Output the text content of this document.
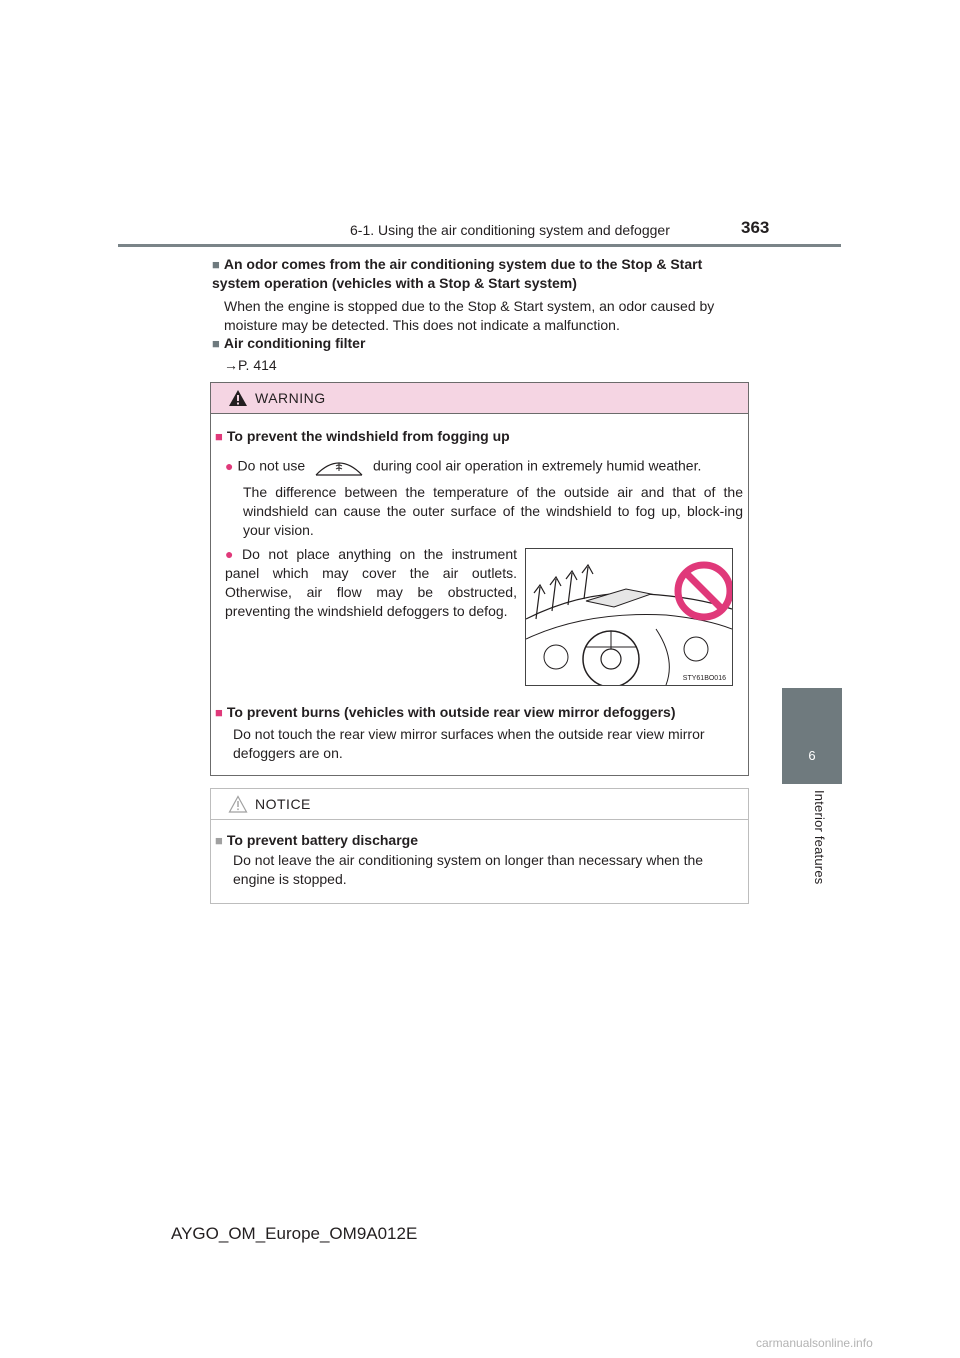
6-1. Using the air conditioning system and defogger	363
6
Interior features
■ An odor comes from the air conditioning system due to the Stop & Start system operation (vehicles with a Stop & Start system)
When the engine is stopped due to the Stop & Start system, an odor caused by moisture may be detected. This does not indicate a malfunction.
■ Air conditioning filter
→P. 414
WARNING
■ To prevent the windshield from fogging up
● Do not use	during cool air operation in extremely humid weather.
The difference between the temperature of the outside air and that of the windshield can cause the outer surface of the windshield to fog up, block-ing your vision.
● Do not place anything on the instrument panel which may cover the air outlets. Otherwise, air flow may be obstructed, preventing the windshield defoggers to defog.
■ To prevent burns (vehicles with outside rear view mirror defoggers)
Do not touch the rear view mirror surfaces when the outside rear view mirror defoggers are on.
STY61BO016
NOTICE
■ To prevent battery discharge
Do not leave the air conditioning system on longer than necessary when the engine is stopped.
AYGO_OM_Europe_OM9A012E
carmanualsonline.info
